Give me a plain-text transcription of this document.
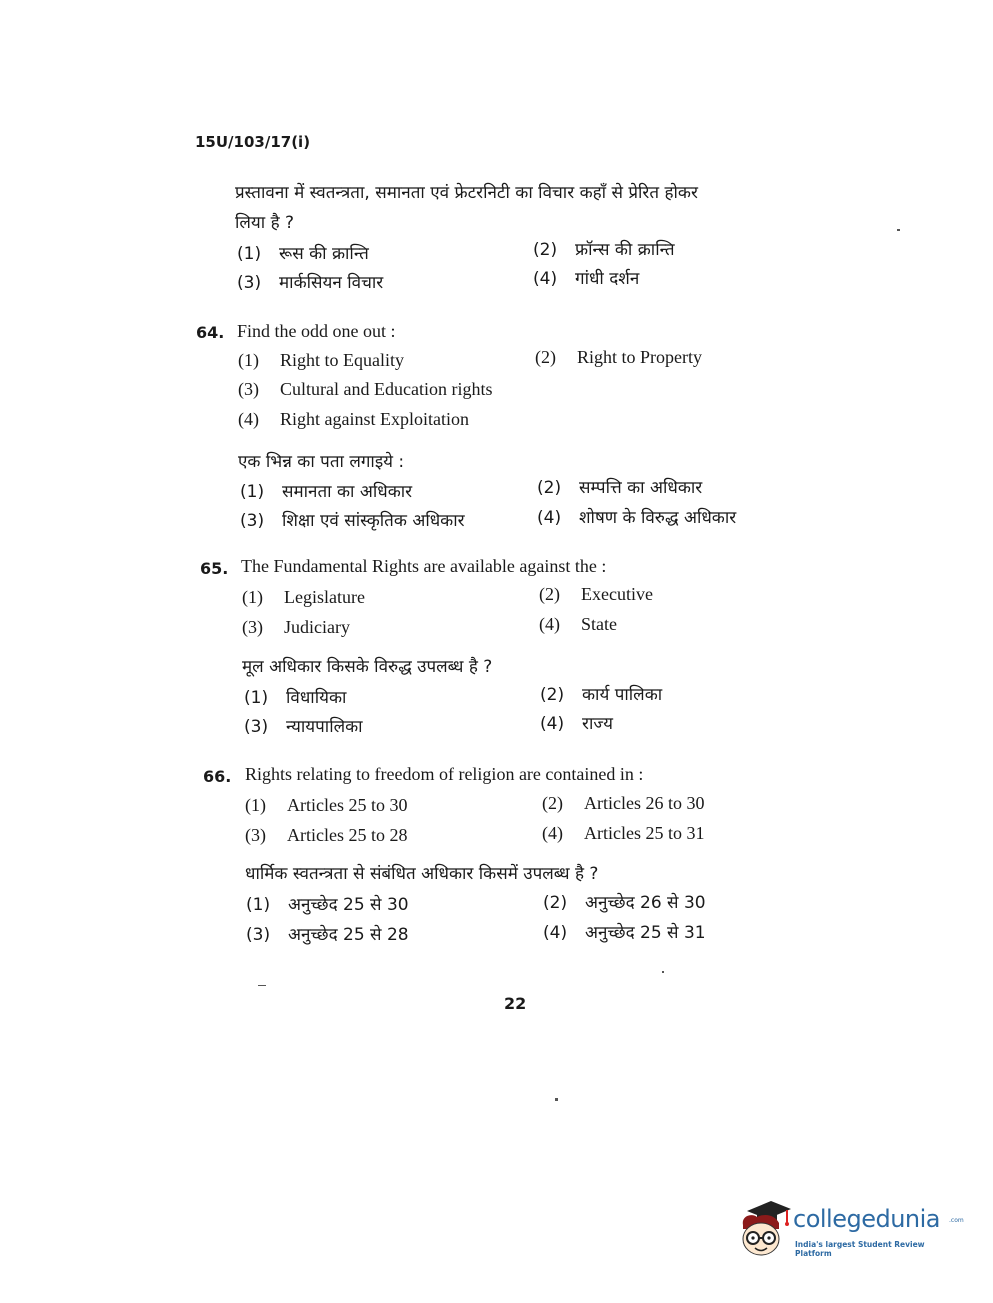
15U/103/17(i)
प्रस्तावना में स्वतन्त्रता, समानता एवं फ्रेटरनिटी का विचार कहाँ से प्रेरित होकर
लिया है ?
(1) रूस की क्रान्ति	(2) फ्रॉन्स की क्रान्ति
(3) मार्कसियन विचार	(4) गांधी दर्शन
64. Find the odd one out :
(1) Right to Equality	(2) Right to Property
(3) Cultural and Education rights
(4) Right against Exploitation
एक भिन्न का पता लगाइये :
(1) समानता का अधिकार	(2) सम्पत्ति का अधिकार
(3) शिक्षा एवं सांस्कृतिक अधिकार	(4) शोषण के विरुद्ध अधिकार
65. The Fundamental Rights are available against the :
(1) Legislature	(2) Executive
(3) Judiciary	(4) State
मूल अधिकार किसके विरुद्ध उपलब्ध है ?
(1) विधायिका	(2) कार्य पालिका
(3) न्यायपालिका	(4) राज्य
66. Rights relating to freedom of religion are contained in :
(1) Articles 25 to 30	(2) Articles 26 to 30
(3) Articles 25 to 28	(4) Articles 25 to 31
धार्मिक स्वतन्त्रता से संबंधित अधिकार किसमें उपलब्ध है ?
(1) अनुच्छेद 25 से 30	(2) अनुच्छेद 26 से 30
(3) अनुच्छेद 25 से 28	(4) अनुच्छेद 25 से 31
22
collegedunia .com
India's largest Student Review Platform
